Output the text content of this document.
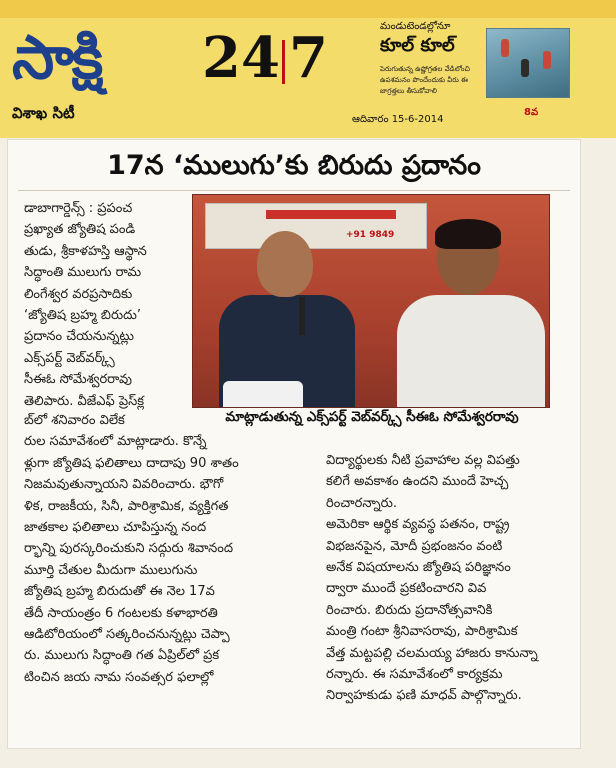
సాక్షి 24 7
విశాఖ సిటీ	ఆదివారం 15-6-2014
మండుటెండల్లోనూ
కూల్ కూల్
పెరుగుతున్న ఉష్ణోగ్రతల వేడిలోంచి ఉపశమనం పొందేందుకు వీరు ఈ జాగ్రత్తలు తీసుకోవాలి
8వ
17న ‘ములుగు’కు బిరుదు ప్రదానం

డాబాగార్డెన్స్ : ప్రపంచ

ప్రఖ్యాత జ్యోతిష పండి

తుడు, శ్రీకాళహస్తి ఆస్థాన

సిద్ధాంతి ములుగు రామ

లింగేశ్వర వరప్రసాదికు

‘జ్యోతిష బ్రహ్మ బిరుదు’

ప్రదానం చేయనున్నట్లు

ఎక్స్‌పర్ట్ వెబ్‌వర్క్స్

సీఈఓ సోమేశ్వరరావు

తెలిపారు. వీజేఎఫ్ ప్రెస్‌క్ల

+91 9849
మాట్లాడుతున్న ఎక్స్‌పర్ట్ వెబ్‌వర్క్స్ సీఈఓ సోమేశ్వరరావు

బ్‌లో శనివారం విలేక

రుల సమావేశంలో మాట్లాడారు. కొన్నే

ళ్లుగా జ్యోతిష ఫలితాలు దాదాపు 90 శాతం

నిజమవుతున్నాయని వివరించారు. భౌగో

ళిక, రాజకీయ, సినీ, పారిశ్రామిక, వ్యక్తిగత

జాతకాల ఫలితాలు చూపిస్తున్న నంద

ర్భాన్ని పురస్కరించుకుని సద్గురు శివానంద

మూర్తి చేతుల మీదుగా ములుగును

జ్యోతిష బ్రహ్మ బిరుదుతో ఈ నెల 17వ

తేదీ సాయంత్రం 6 గంటలకు కళాభారతి

ఆడిటోరియంలో సత్కరించనున్నట్లు చెప్పా

రు. ములుగు సిద్ధాంతి గత ఏప్రిల్‌లో ప్రక

టించిన జయ నామ సంవత్సర ఫలాల్లో

విద్యార్థులకు నీటి ప్రవాహాల వల్ల విపత్తు

కలిగే అవకాశం ఉందని ముందే హెచ్చ

రించారన్నారు.

అమెరికా ఆర్థిక వ్యవస్థ పతనం, రాష్ట్ర

విభజనపైన, మోదీ ప్రభంజనం వంటి

అనేక విషయాలను జ్యోతిష పరిజ్ఞానం

ద్వారా ముందే ప్రకటించారని వివ

రించారు. బిరుదు ప్రదానోత్సవానికి

మంత్రి గంటా శ్రీనివాసరావు, పారిశ్రామిక

వేత్త మట్టపల్లి చలమయ్య హాజరు కానున్నా

రన్నారు. ఈ సమావేశంలో కార్యక్రమ

నిర్వాహకుడు ఫణి మాధవ్ పాల్గొన్నారు.
